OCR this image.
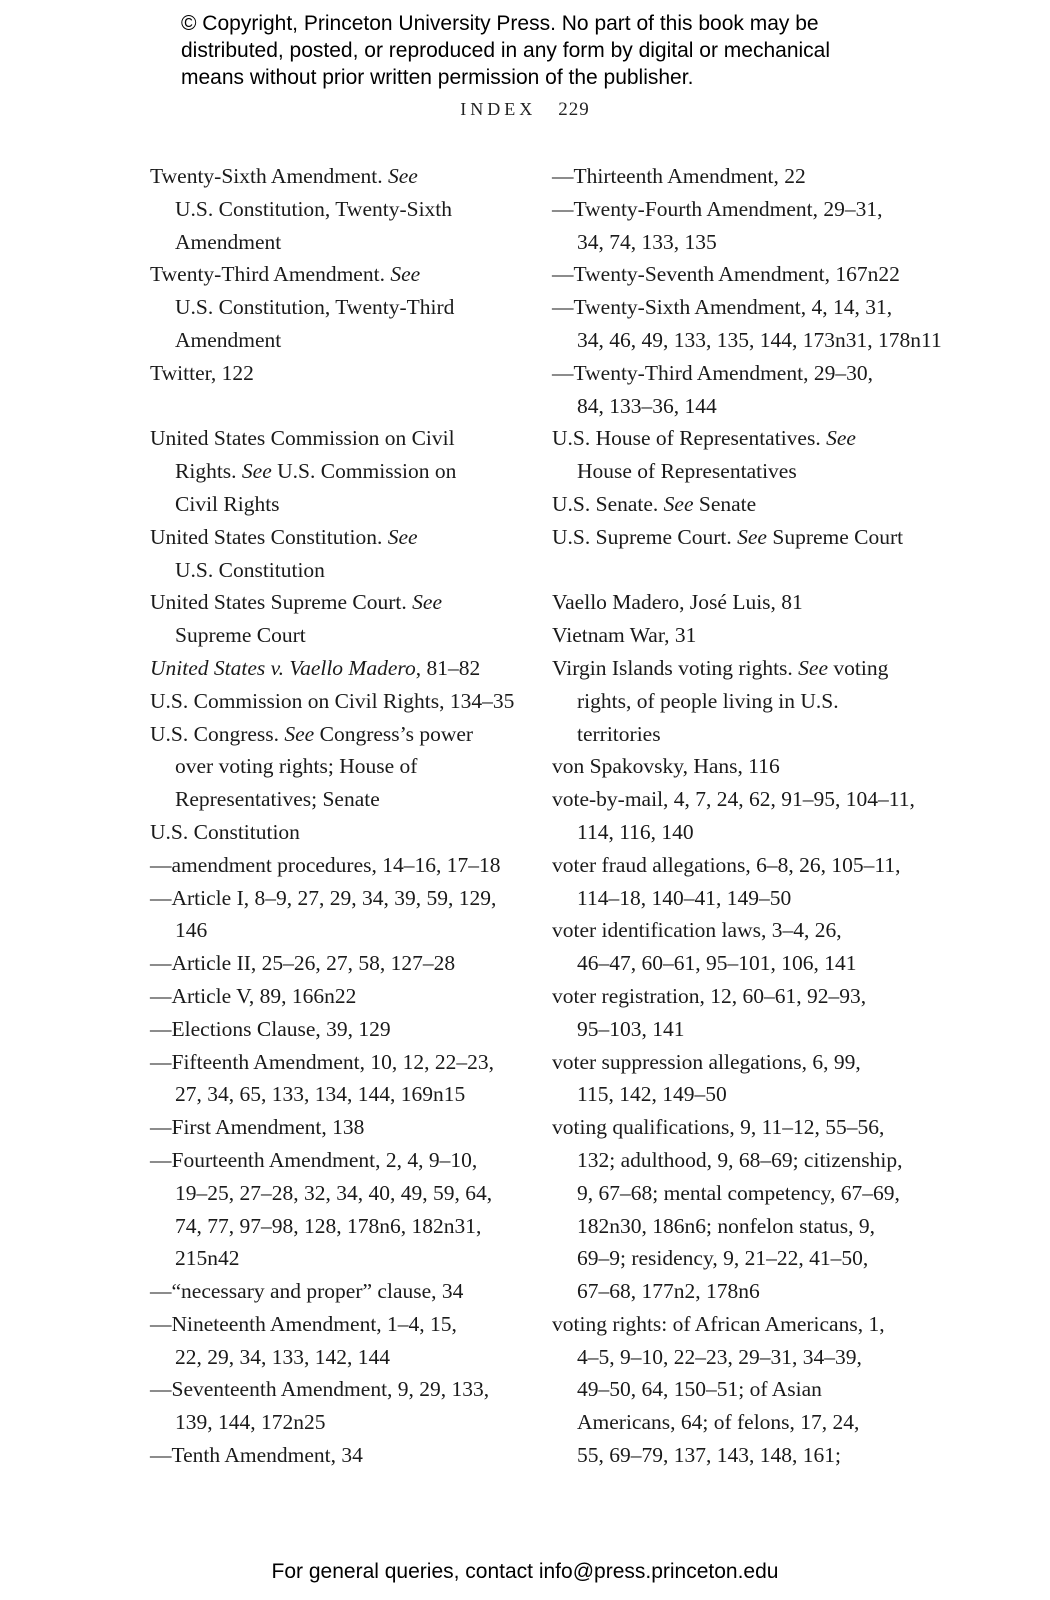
© Copyright, Princeton University Press. No part of this book may be
distributed, posted, or reproduced in any form by digital or mechanical
means without prior written permission of the publisher.
INDEX 229
Twenty-Sixth Amendment. See
U.S. Constitution, Twenty-Sixth
Amendment
Twenty-Third Amendment. See
U.S. Constitution, Twenty-Third
Amendment
Twitter, 122
United States Commission on Civil
Rights. See U.S. Commission on
Civil Rights
United States Constitution. See
U.S. Constitution
United States Supreme Court. See
Supreme Court
United States v. Vaello Madero, 81–82
U.S. Commission on Civil Rights, 134–35
U.S. Congress. See Congress’s power
over voting rights; House of
Representatives; Senate
U.S. Constitution
—amendment procedures, 14–16, 17–18
—Article I, 8–9, 27, 29, 34, 39, 59, 129,
146
—Article II, 25–26, 27, 58, 127–28
—Article V, 89, 166n22
—Elections Clause, 39, 129
—Fifteenth Amendment, 10, 12, 22–23,
27, 34, 65, 133, 134, 144, 169n15
—First Amendment, 138
—Fourteenth Amendment, 2, 4, 9–10,
19–25, 27–28, 32, 34, 40, 49, 59, 64,
74, 77, 97–98, 128, 178n6, 182n31,
215n42
—“necessary and proper” clause, 34
—Nineteenth Amendment, 1–4, 15,
22, 29, 34, 133, 142, 144
—Seventeenth Amendment, 9, 29, 133,
139, 144, 172n25
—Tenth Amendment, 34
—Thirteenth Amendment, 22
—Twenty-Fourth Amendment, 29–31,
34, 74, 133, 135
—Twenty-Seventh Amendment, 167n22
—Twenty-Sixth Amendment, 4, 14, 31,
34, 46, 49, 133, 135, 144, 173n31, 178n11
—Twenty-Third Amendment, 29–30,
84, 133–36, 144
U.S. House of Representatives. See
House of Representatives
U.S. Senate. See Senate
U.S. Supreme Court. See Supreme Court
Vaello Madero, José Luis, 81
Vietnam War, 31
Virgin Islands voting rights. See voting
rights, of people living in U.S.
territories
von Spakovsky, Hans, 116
vote-by-mail, 4, 7, 24, 62, 91–95, 104–11,
114, 116, 140
voter fraud allegations, 6–8, 26, 105–11,
114–18, 140–41, 149–50
voter identification laws, 3–4, 26,
46–47, 60–61, 95–101, 106, 141
voter registration, 12, 60–61, 92–93,
95–103, 141
voter suppression allegations, 6, 99,
115, 142, 149–50
voting qualifications, 9, 11–12, 55–56,
132; adulthood, 9, 68–69; citizenship,
9, 67–68; mental competency, 67–69,
182n30, 186n6; nonfelon status, 9,
69–9; residency, 9, 21–22, 41–50,
67–68, 177n2, 178n6
voting rights: of African Americans, 1,
4–5, 9–10, 22–23, 29–31, 34–39,
49–50, 64, 150–51; of Asian
Americans, 64; of felons, 17, 24,
55, 69–79, 137, 143, 148, 161;
For general queries, contact info@press.princeton.edu
